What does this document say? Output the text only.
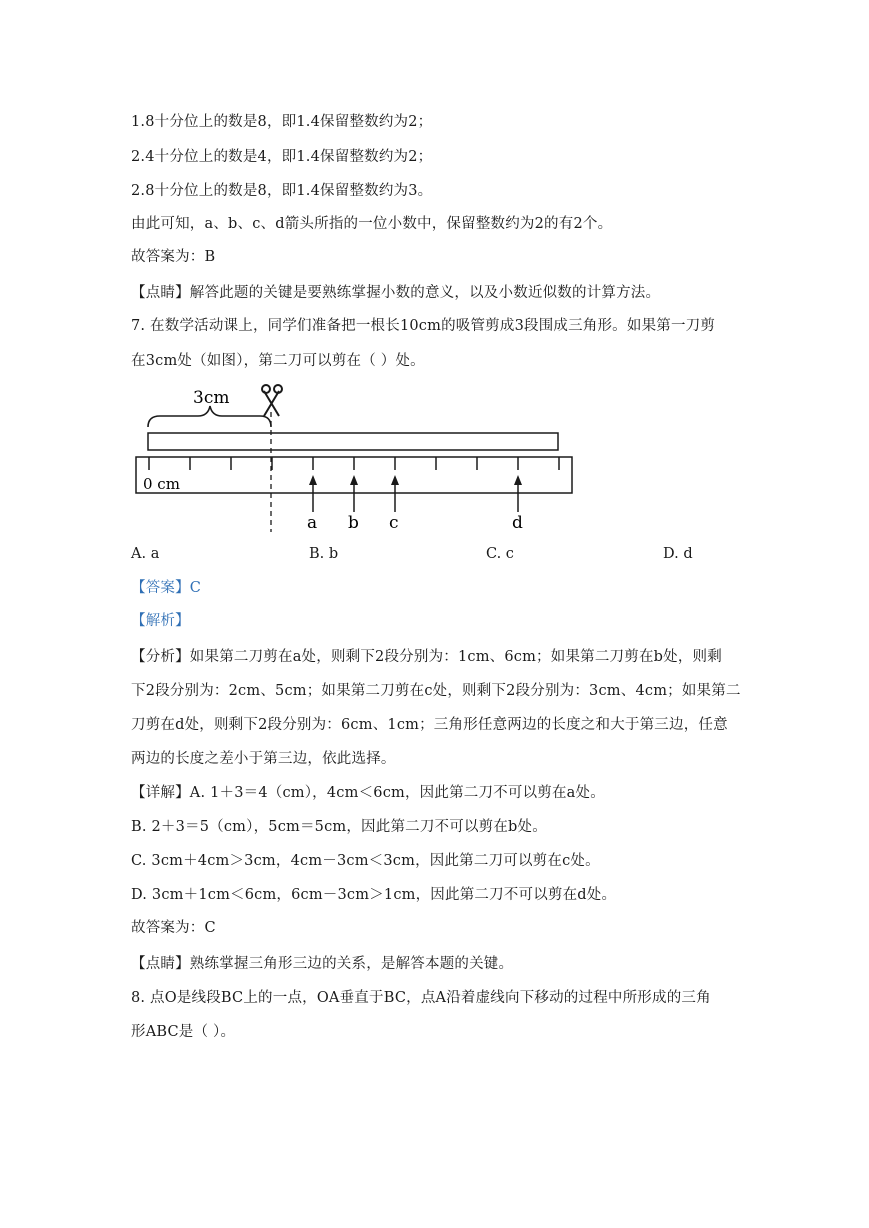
1.8十分位上的数是8，即1.4保留整数约为2；
2.4十分位上的数是4，即1.4保留整数约为2；
2.8十分位上的数是8，即1.4保留整数约为3。
由此可知，a、b、c、d箭头所指的一位小数中，保留整数约为2的有2个。
故答案为：B
【点睛】解答此题的关键是要熟练掌握小数的意义，以及小数近似数的计算方法。
7. 在数学活动课上，同学们准备把一根长10cm的吸管剪成3段围成三角形。如果第一刀剪
在3cm处（如图），第二刀可以剪在（ ）处。
3cm
0 cm
a b c	d
A. a	B. b	C. c	D. d
【答案】C
【解析】
【分析】如果第二刀剪在a处，则剩下2段分别为：1cm、6cm；如果第二刀剪在b处，则剩
下2段分别为：2cm、5cm；如果第二刀剪在c处，则剩下2段分别为：3cm、4cm；如果第二
刀剪在d处，则剩下2段分别为：6cm、1cm；三角形任意两边的长度之和大于第三边，任意
两边的长度之差小于第三边，依此选择。
【详解】A. 1＋3＝4（cm），4cm＜6cm，因此第二刀不可以剪在a处。
B. 2＋3＝5（cm），5cm＝5cm，因此第二刀不可以剪在b处。
C. 3cm＋4cm＞3cm，4cm－3cm＜3cm，因此第二刀可以剪在c处。
D. 3cm＋1cm＜6cm，6cm－3cm＞1cm，因此第二刀不可以剪在d处。
故答案为：C
【点睛】熟练掌握三角形三边的关系，是解答本题的关键。
8. 点O是线段BC上的一点，OA垂直于BC，点A沿着虚线向下移动的过程中所形成的三角
形ABC是（ ）。
